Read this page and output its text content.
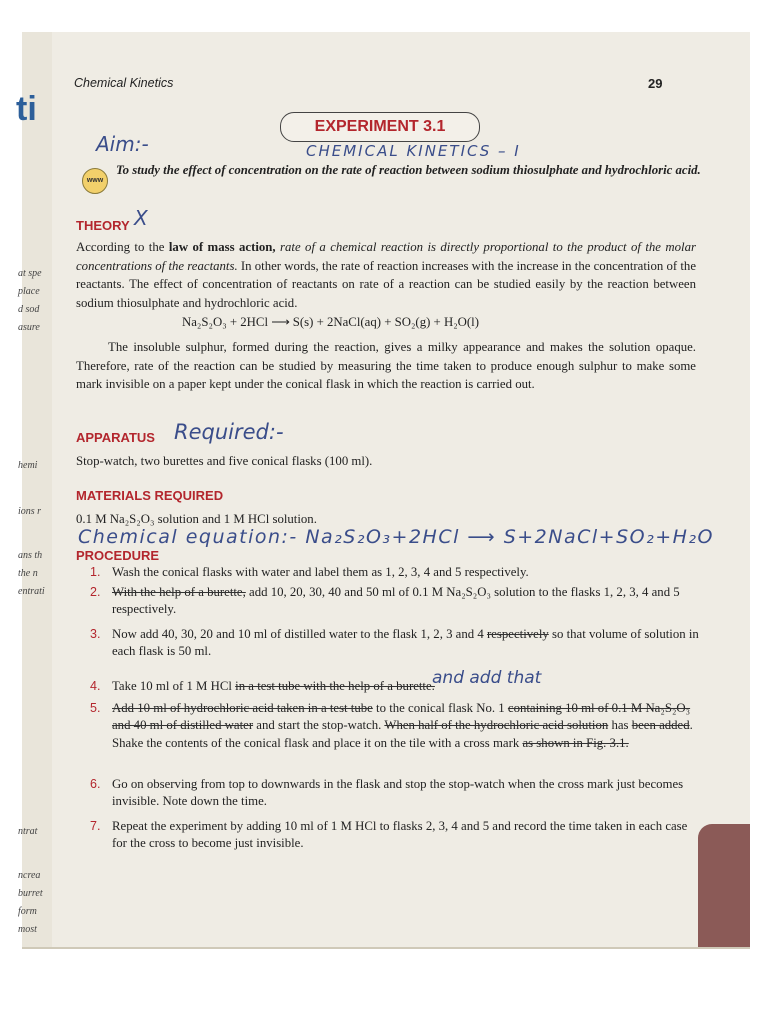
ti
at spe
place
d sod
asure
hemi
ions r
ans th
the n
entrati
ntrat
ncrea
burret
form
most
Chemical Kinetics	29
EXPERIMENT 3.1
Aim:-	CHEMICAL KINETICS – I
www
To study the effect of concentration on the rate of reaction between sodium thiosulphate and hydrochloric acid.
THEORY X
According to the law of mass action, rate of a chemical reaction is directly proportional to the product of the molar concentrations of the reactants. In other words, the rate of reaction increases with the increase in the concentration of the reactants. The effect of concentration of reactants on rate of a reaction can be studied easily by the reaction between sodium thiosulphate and hydrochloric acid.
Na₂S₂O₃ + 2HCl ⟶ S(s) + 2NaCl(aq) + SO₂(g) + H₂O(l)
The insoluble sulphur, formed during the reaction, gives a milky appearance and makes the solution opaque. Therefore, rate of the reaction can be studied by measuring the time taken to produce enough sulphur to make some mark invisible on a paper kept under the conical flask in which the reaction is carried out.
APPARATUS Required:-
Stop-watch, two burettes and five conical flasks (100 ml).
MATERIALS REQUIRED
0.1 M Na₂S₂O₃ solution and 1 M HCl solution.
Chemical equation:- Na₂S₂O₃+2HCl ⟶ S+2NaCl+SO₂+H₂O
PROCEDURE
1. Wash the conical flasks with water and label them as 1, 2, 3, 4 and 5 respectively.
2. With the help of a burette, add 10, 20, 30, 40 and 50 ml of 0.1 M Na₂S₂O₃ solution to the flasks 1, 2, 3, 4 and 5 respectively.
3. Now add 40, 30, 20 and 10 ml of distilled water to the flask 1, 2, 3 and 4 respectively so that volume of solution in each flask is 50 ml.
4. Take 10 ml of 1 M HCl in a test tube with the help of a burette.
and add that
5. Add 10 ml of hydrochloric acid taken in a test tube to the conical flask No. 1 containing 10 ml of 0.1 M Na₂S₂O₃ and 40 ml of distilled water and start the stop-watch. When half of the hydrochloric acid solution has been added. Shake the contents of the conical flask and place it on the tile with a cross mark as shown in Fig. 3.1.
6. Go on observing from top to downwards in the flask and stop the stop-watch when the cross mark just becomes invisible. Note down the time.
7. Repeat the experiment by adding 10 ml of 1 M HCl to flasks 2, 3, 4 and 5 and record the time taken in each case for the cross to become just invisible.
